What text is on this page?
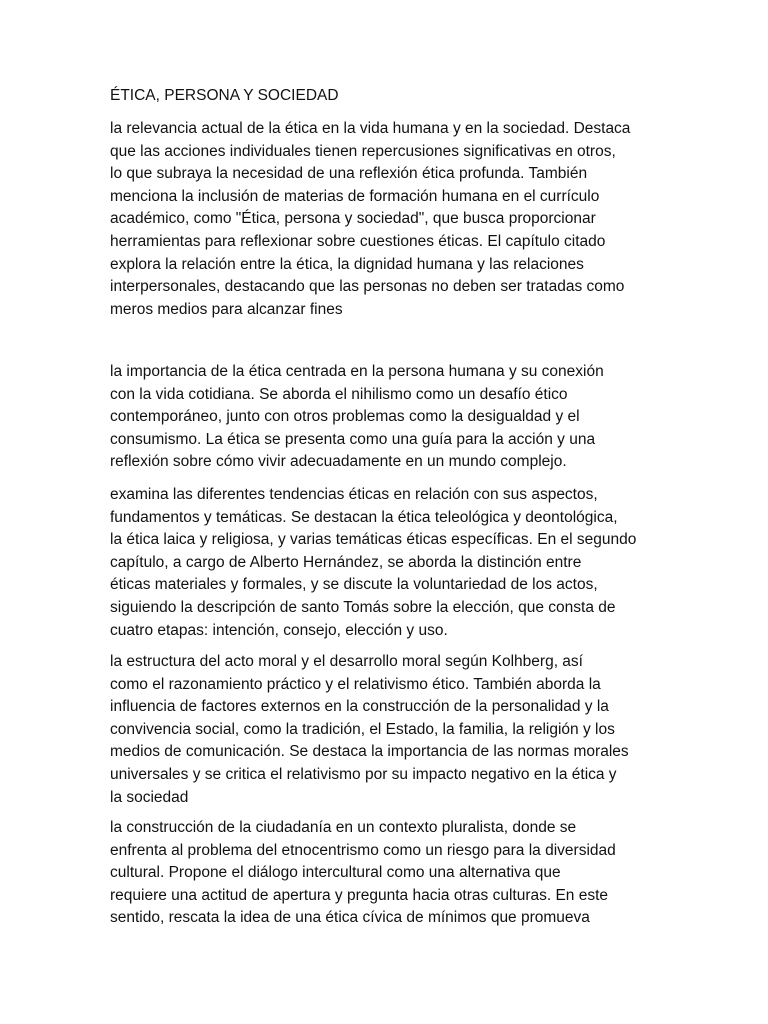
ÉTICA, PERSONA Y SOCIEDAD

la relevancia actual de la ética en la vida humana y en la sociedad. Destaca
que las acciones individuales tienen repercusiones significativas en otros,
lo que subraya la necesidad de una reflexión ética profunda. También
menciona la inclusión de materias de formación humana en el currículo
académico, como "Ética, persona y sociedad", que busca proporcionar
herramientas para reflexionar sobre cuestiones éticas. El capítulo citado
explora la relación entre la ética, la dignidad humana y las relaciones
interpersonales, destacando que las personas no deben ser tratadas como
meros medios para alcanzar fines

la importancia de la ética centrada en la persona humana y su conexión
con la vida cotidiana. Se aborda el nihilismo como un desafío ético
contemporáneo, junto con otros problemas como la desigualdad y el
consumismo. La ética se presenta como una guía para la acción y una
reflexión sobre cómo vivir adecuadamente en un mundo complejo.

examina las diferentes tendencias éticas en relación con sus aspectos,
fundamentos y temáticas. Se destacan la ética teleológica y deontológica,
la ética laica y religiosa, y varias temáticas éticas específicas. En el segundo
capítulo, a cargo de Alberto Hernández, se aborda la distinción entre
éticas materiales y formales, y se discute la voluntariedad de los actos,
siguiendo la descripción de santo Tomás sobre la elección, que consta de
cuatro etapas: intención, consejo, elección y uso.

la estructura del acto moral y el desarrollo moral según Kolhberg, así
como el razonamiento práctico y el relativismo ético. También aborda la
influencia de factores externos en la construcción de la personalidad y la
convivencia social, como la tradición, el Estado, la familia, la religión y los
medios de comunicación. Se destaca la importancia de las normas morales
universales y se critica el relativismo por su impacto negativo en la ética y
la sociedad

la construcción de la ciudadanía en un contexto pluralista, donde se
enfrenta al problema del etnocentrismo como un riesgo para la diversidad
cultural. Propone el diálogo intercultural como una alternativa que
requiere una actitud de apertura y pregunta hacia otras culturas. En este
sentido, rescata la idea de una ética cívica de mínimos que promueva
